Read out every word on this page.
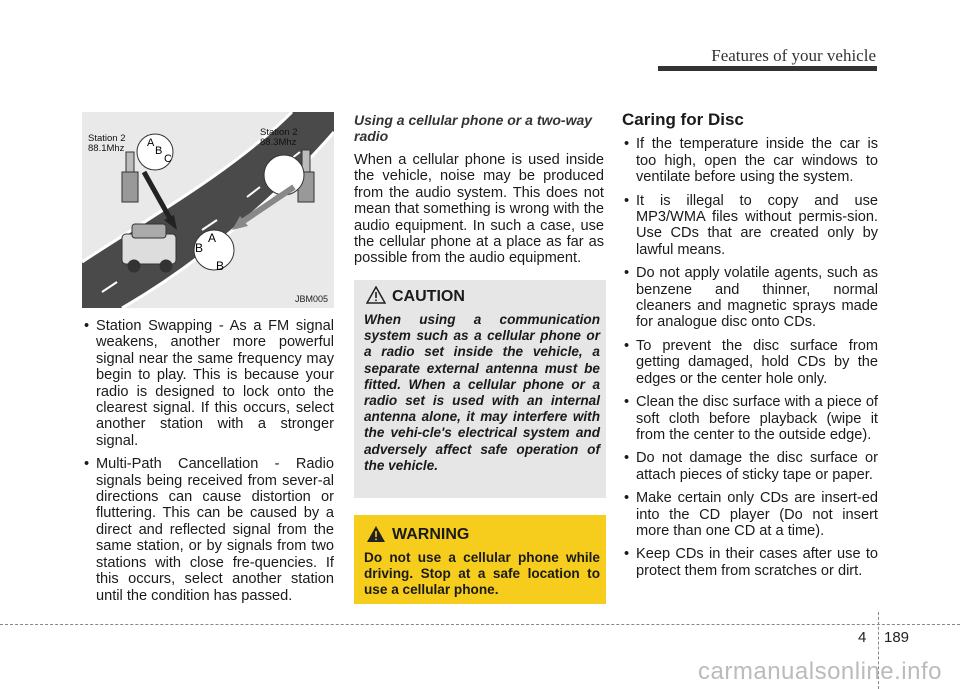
Features of your vehicle
A
B
C
A
B
B
Station 2
88.1Mhz
Station 2
88.3Mhz
JBM005
• Station Swapping - As a FM signal weakens, another more powerful signal near the same frequency may begin to play. This is because your radio is designed to lock onto the clearest signal. If this occurs, select another station with a stronger signal.
• Multi-Path Cancellation - Radio signals being received from sever-al directions can cause distortion or fluttering. This can be caused by a direct and reflected signal from the same station, or by signals from two stations with close fre-quencies. If this occurs, select another station until the condition has passed.
Using a cellular phone or a two-way radio
When a cellular phone is used inside the vehicle, noise may be produced from the audio system. This does not mean that something is wrong with the audio equipment. In such a case, use the cellular phone at a place as far as possible from the audio equipment.
CAUTION
When using a communication system such as a cellular phone or a radio set inside the vehicle, a separate external antenna must be fitted. When a cellular phone or a radio set is used with an internal antenna alone, it may interfere with the vehi-cle's electrical system and adversely affect safe operation of the vehicle.
WARNING
Do not use a cellular phone while driving. Stop at a safe location to use a cellular phone.
Caring for Disc
• If the temperature inside the car is too high, open the car windows to ventilate before using the system.
• It is illegal to copy and use MP3/WMA files without permis-sion. Use CDs that are created only by lawful means.
• Do not apply volatile agents, such as benzene and thinner, normal cleaners and magnetic sprays made for analogue disc onto CDs.
• To prevent the disc surface from getting damaged, hold CDs by the edges or the center hole only.
• Clean the disc surface with a piece of soft cloth before playback (wipe it from the center to the outside edge).
• Do not damage the disc surface or attach pieces of sticky tape or paper.
• Make certain only CDs are insert-ed into the CD player (Do not insert more than one CD at a time).
• Keep CDs in their cases after use to protect them from scratches or dirt.
4 189
carmanualsonline.info
